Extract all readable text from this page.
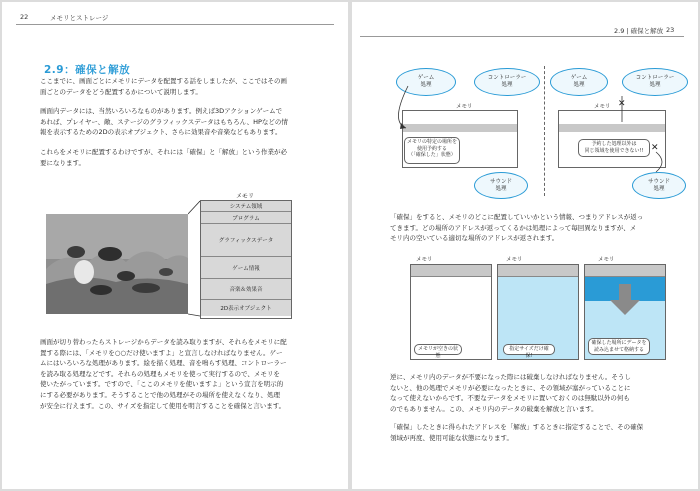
22	メモリとストレージ
2.9：確保と解放
ここまでに、画面ごとにメモリにデータを配置する話をしましたが、ここではその画
面ごとのデータをどう配置するかについて説明します。
画面内データには、当然いろいろなものがあります。例えば3Dアクションゲームで
あれば、プレイヤー、敵、ステージのグラフィックスデータはもちろん、HPなどの情
報を表示するための2Dの表示オブジェクト、さらに効果音や音楽などもあります。
これらをメモリに配置するわけですが、それには「確保」と「解放」という作業が必
要になります。
メモリ
システム領域
プログラム
グラフィックスデータ
ゲーム情報
音楽＆効果音
2D表示オブジェクト
画面が切り替わったらストレージからデータを読み取りますが、それらをメモリに配
置する際には、「メモリを○○だけ使いますよ」と宣言しなければなりません。ゲー
ムにはいろいろな処理があります。絵を描く処理、音を鳴らす処理、コントローラー
を読み取る処理などです。それらの処理もメモリを使って実行するので、メモリを
使いたがっています。ですので、「ここのメモリを使いますよ」という宣言を明示的
にする必要があります。そうすることで他の処理がその場所を使えなくなり、処理
が安全に行えます。この、サイズを指定して使用を明言することを確保と言います。
2.9 | 確保と解放 23
ゲーム
処理
コントローラー
処理
メモリ
メモリの特定の場所を
使用予約する
（「確保した」状態）
サウンド
処理
ゲーム
処理
コントローラー
処理
メモリ
予約した処理以外は
同じ領域を使用できない!!
サウンド
処理
✕
✕
「確保」をすると、メモリのどこに配置していいかという情報、つまりアドレスが返っ
てきます。どの場所のアドレスが返ってくるかは処理によって毎回異なりますが、メ
モリ内の空いている適切な場所のアドレスが返されます。
メモリ
メモリが空きの状態
メモリ
指定サイズだけ確保!
メモリ
確保した場所にデータを
読み込ませて格納する
逆に、メモリ内のデータが不要になった際には破棄しなければなりません。そうし
ないと、他の処理でメモリが必要になったときに、その領域が塞がっていることに
なって使えないからです。不要なデータをメモリに置いておくのは無駄以外の何も
のでもありません。この、メモリ内のデータの破棄を解放と言います。
「確保」したときに得られたアドレスを「解放」するときに指定することで、その確保
領域が再度、使用可能な状態になります。
